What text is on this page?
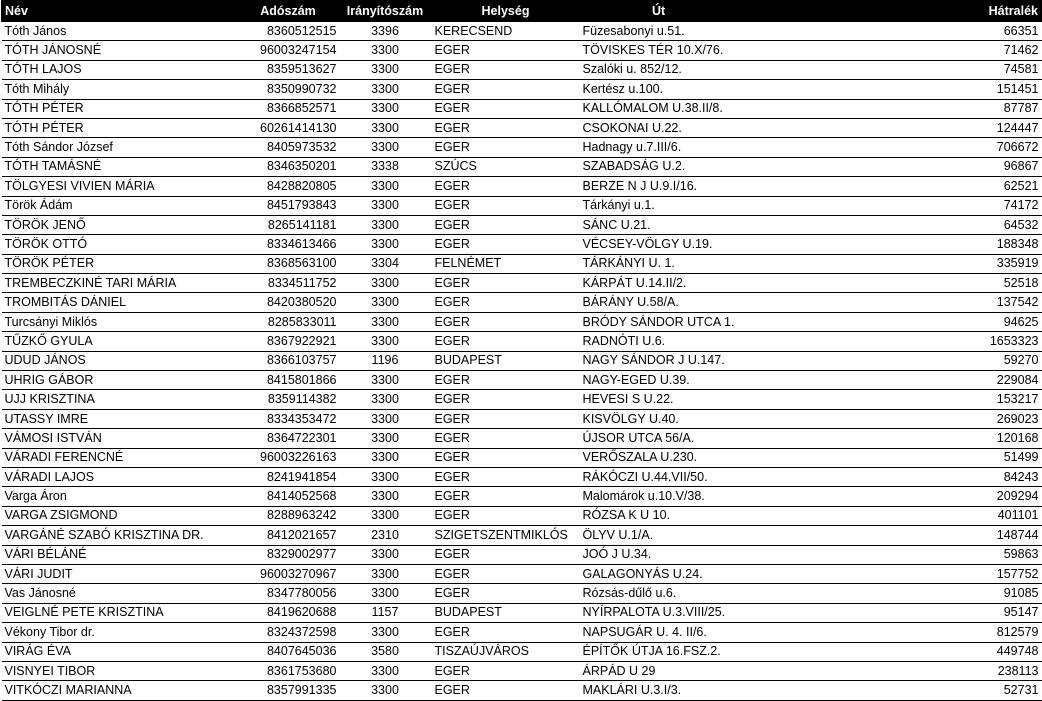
Név	Adószám	Irányítószám	Helység	Út	Hátralék
Tóth János	8360512515	3396	KERECSEND	Füzesabonyi u.51.	66351
TÓTH JÁNOSNÉ	96003247154	3300	EGER	TÖVISKES TÉR 10.X/76.	71462
TÓTH LAJOS	8359513627	3300	EGER	Szalóki u. 852/12.	74581
Tóth Mihály	8350990732	3300	EGER	Kertész u.100.	151451
TÓTH PÉTER	8366852571	3300	EGER	KALLÓMALOM U.38.II/8.	87787
TÓTH PÉTER	60261414130	3300	EGER	CSOKONAI U.22.	124447
Tóth Sándor József	8405973532	3300	EGER	Hadnagy u.7.III/6.	706672
TÓTH TAMÁSNÉ	8346350201	3338	SZÚCS	SZABADSÁG U.2.	96867
TÖLGYESI VIVIEN MÁRIA	8428820805	3300	EGER	BERZE N J U.9.I/16.	62521
Török Ádám	8451793843	3300	EGER	Tárkányi u.1.	74172
TÖRÖK JENŐ	8265141181	3300	EGER	SÁNC U.21.	64532
TÖRÖK OTTÓ	8334613466	3300	EGER	VÉCSEY-VÖLGY U.19.	188348
TÖRÖK PÉTER	8368563100	3304	FELNÉMET	TÁRKÁNYI U. 1.	335919
TREMBECZKINÉ TARI MÁRIA	8334511752	3300	EGER	KÁRPÁT U.14.II/2.	52518
TROMBITÁS DÁNIEL	8420380520	3300	EGER	BÁRÁNY U.58/A.	137542
Turcsányi Miklós	8285833011	3300	EGER	BRÓDY SÁNDOR UTCA 1.	94625
TŰZKŐ GYULA	8367922921	3300	EGER	RADNÓTI U.6.	1653323
UDUD JÁNOS	8366103757	1196	BUDAPEST	NAGY SÁNDOR J U.147.	59270
UHRIG GÁBOR	8415801866	3300	EGER	NAGY-EGED U.39.	229084
UJJ KRISZTINA	8359114382	3300	EGER	HEVESI S U.22.	153217
UTASSY IMRE	8334353472	3300	EGER	KISVÖLGY U.40.	269023
VÁMOSI ISTVÁN	8364722301	3300	EGER	ÚJSOR UTCA 56/A.	120168
VÁRADI FERENCNÉ	96003226163	3300	EGER	VERŐSZALA U.230.	51499
VÁRADI LAJOS	8241941854	3300	EGER	RÁKÓCZI U.44.VII/50.	84243
Varga Áron	8414052568	3300	EGER	Malomárok u.10.V/38.	209294
VARGA ZSIGMOND	8288963242	3300	EGER	RÓZSA K U 10.	401101
VARGÁNÉ SZABÓ KRISZTINA DR.	8412021657	2310	SZIGETSZENTMIKLÓS	ÖLYV U.1/A.	148744
VÁRI BÉLÁNÉ	8329002977	3300	EGER	JOÓ J U.34.	59863
VÁRI JUDIT	96003270967	3300	EGER	GALAGONYÁS U.24.	157752
Vas Jánosné	8347780056	3300	EGER	Rózsás-dűlő u.6.	91085
VEIGLNÉ PETE KRISZTINA	8419620688	1157	BUDAPEST	NYÍRPALOTA U.3.VIII/25.	95147
Vékony Tibor dr.	8324372598	3300	EGER	NAPSUGÁR U. 4. II/6.	812579
VIRÁG ÉVA	8407645036	3580	TISZAÚJVÁROS	ÉPÍTŐK ÚTJA 16.FSZ.2.	449748
VISNYEI TIBOR	8361753680	3300	EGER	ÁRPÁD U 29	238113
VITKÓCZI MARIANNA	8357991335	3300	EGER	MAKLÁRI U.3.I/3.	52731
